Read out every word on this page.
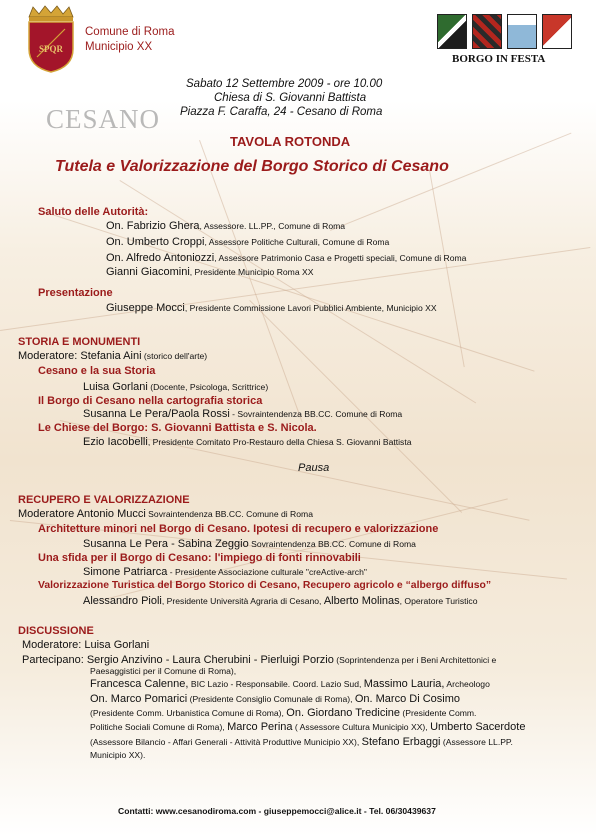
CESANO
SPQR
Comune di Roma
Municipio XX
BORGO IN FESTA
Sabato 12 Settembre 2009 - ore 10.00
Chiesa di S. Giovanni Battista
Piazza F. Caraffa, 24 - Cesano di Roma
TAVOLA ROTONDA
Tutela e Valorizzazione del Borgo Storico di Cesano
Saluto delle Autorità:
On. Fabrizio Ghera, Assessore. LL.PP., Comune di Roma
On. Umberto Croppi, Assessore Politiche Culturali, Comune di Roma
On. Alfredo Antoniozzi, Assessore Patrimonio Casa e Progetti speciali, Comune di Roma
Gianni Giacomini, Presidente Municipio Roma XX
Presentazione
Giuseppe Mocci, Presidente Commissione Lavori Pubblici Ambiente, Municipio XX
STORIA E MONUMENTI
Moderatore: Stefania Aini (storico dell'arte)
Cesano e la sua Storia
Luisa Gorlani (Docente, Psicologa, Scrittrice)
Il Borgo di Cesano nella cartografia storica
Susanna Le Pera/Paola Rossi - Sovraintendenza BB.CC. Comune di Roma
Le Chiese del Borgo: S. Giovanni Battista e S. Nicola.
Ezio Iacobelli, Presidente Comitato Pro-Restauro della Chiesa S. Giovanni Battista
Pausa
RECUPERO E VALORIZZAZIONE
Moderatore Antonio Mucci Sovraintendenza BB.CC. Comune di Roma
Architetture minori nel Borgo di Cesano. Ipotesi di recupero e valorizzazione
Susanna Le Pera - Sabina Zeggio Sovraintendenza BB.CC. Comune di Roma
Una sfida per il Borgo di Cesano: l'impiego di fonti rinnovabili
Simone Patriarca - Presidente Associazione culturale "creActive-arch"
Valorizzazione Turistica del Borgo Storico di Cesano, Recupero agricolo e “albergo diffuso”
Alessandro Pioli, Presidente Università Agraria di Cesano, Alberto Molinas, Operatore Turistico
DISCUSSIONE
Moderatore: Luisa Gorlani
Partecipano: Sergio Anzivino - Laura Cherubini - Pierluigi Porzio (Soprintendenza per i Beni Architettonici e
Paesaggistici per il Comune di Roma),
Francesca Calenne, BIC Lazio - Responsabile. Coord. Lazio Sud, Massimo Lauria, Archeologo
On. Marco Pomarici (Presidente Consiglio Comunale di Roma), On. Marco Di Cosimo
(Presidente Comm. Urbanistica Comune di Roma), On. Giordano Tredicine (Presidente Comm.
Politiche Sociali Comune di Roma), Marco Perina ( Assessore Cultura Municipio XX), Umberto Sacerdote
(Assessore Bilancio - Affari Generali - Attività Produttive Municipio XX), Stefano Erbaggi (Assessore LL.PP.
Municipio XX).
Contatti: www.cesanodiroma.com - giuseppemocci@alice.it - Tel. 06/30439637
